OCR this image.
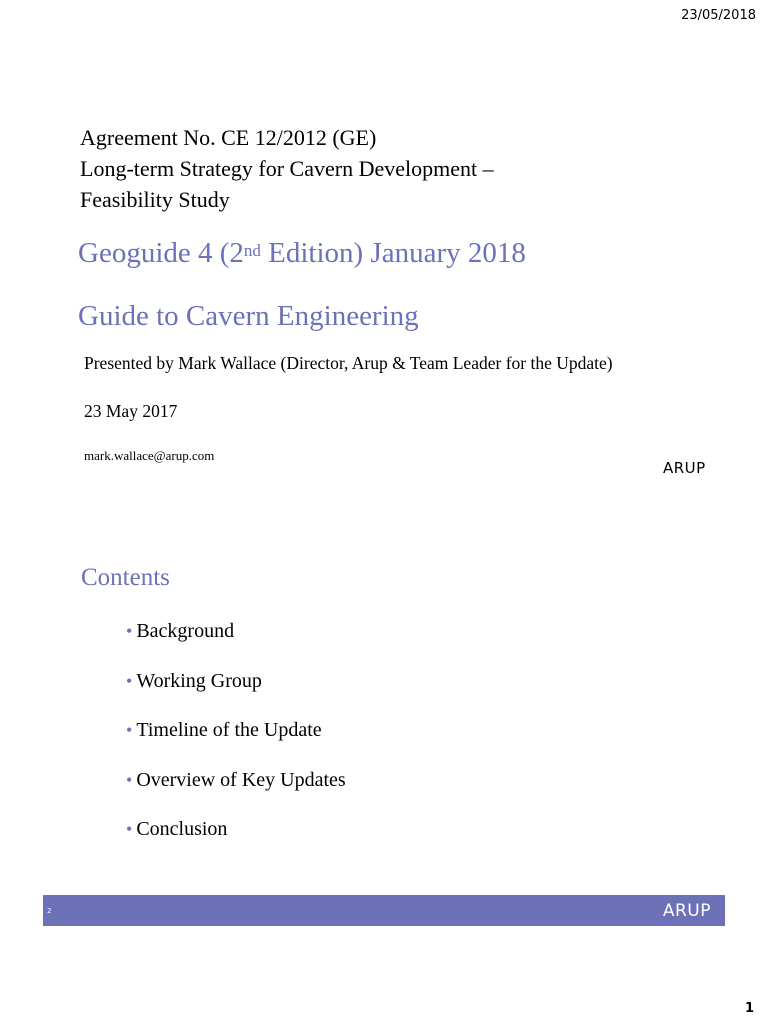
23/05/2018
Agreement No. CE 12/2012 (GE)
Long-term Strategy for Cavern Development –
Feasibility Study
Geoguide 4 (2nd Edition) January 2018
Guide to Cavern Engineering
Presented by Mark Wallace (Director, Arup & Team Leader for the Update)
23 May 2017
mark.wallace@arup.com
ARUP
Contents
• Background
• Working Group
• Timeline of the Update
• Overview of Key Updates
• Conclusion
2	ARUP
1
